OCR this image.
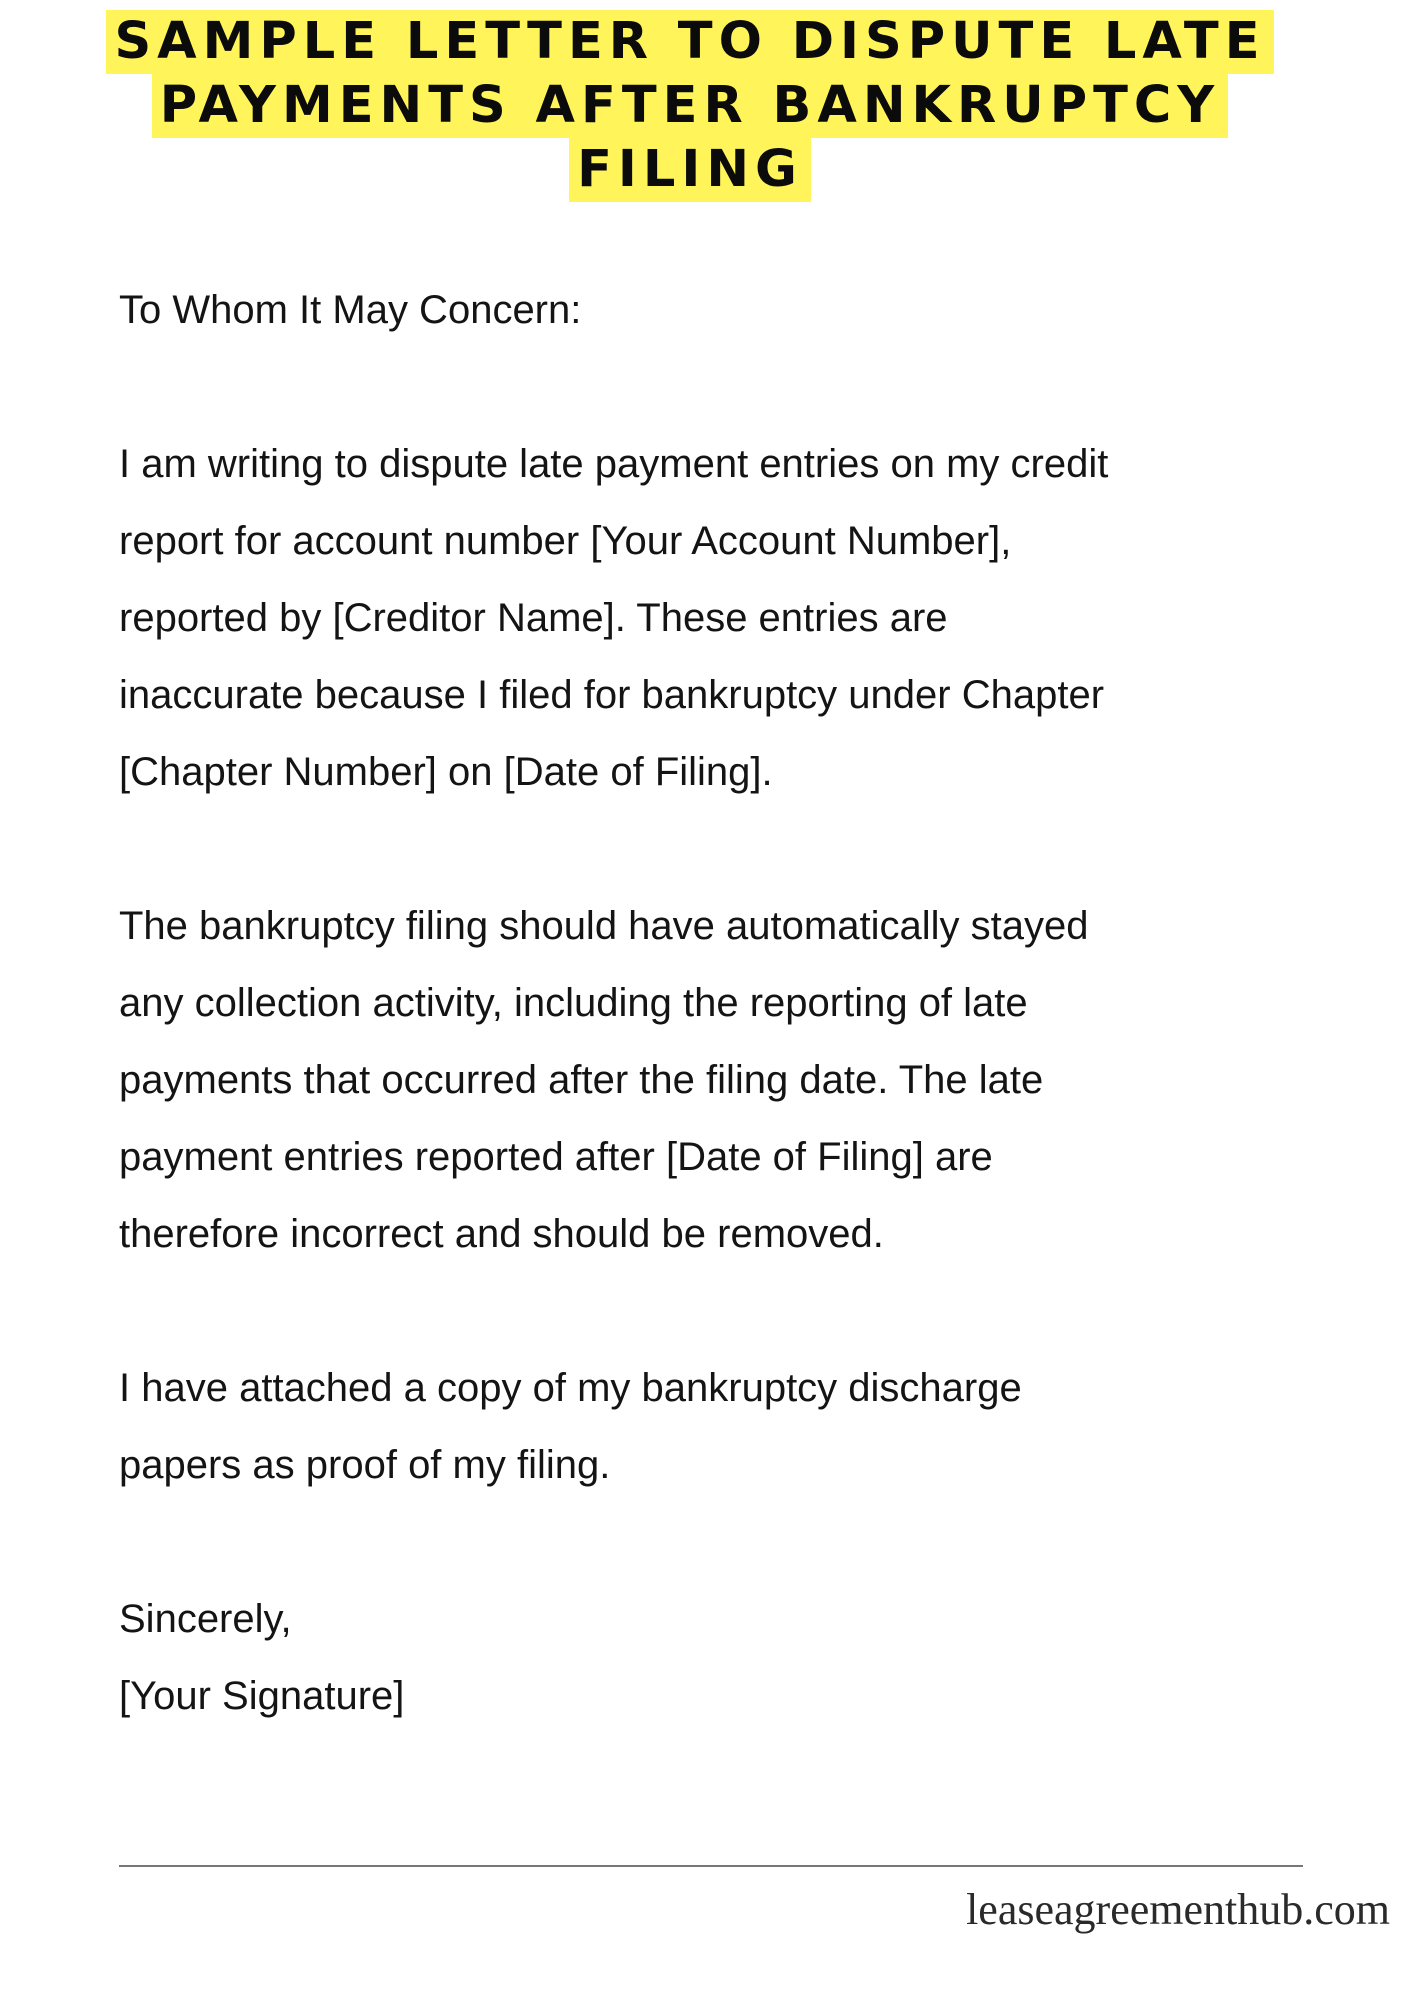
SAMPLE LETTER TO DISPUTE LATE
PAYMENTS AFTER BANKRUPTCY
FILING

To Whom It May Concern:

I am writing to dispute late payment entries on my credit

report for account number [Your Account Number],

reported by [Creditor Name]. These entries are

inaccurate because I filed for bankruptcy under Chapter

[Chapter Number] on [Date of Filing].

The bankruptcy filing should have automatically stayed

any collection activity, including the reporting of late

payments that occurred after the filing date. The late

payment entries reported after [Date of Filing] are

therefore incorrect and should be removed.

I have attached a copy of my bankruptcy discharge

papers as proof of my filing.

Sincerely,

[Your Signature]

leaseagreementhub.com
